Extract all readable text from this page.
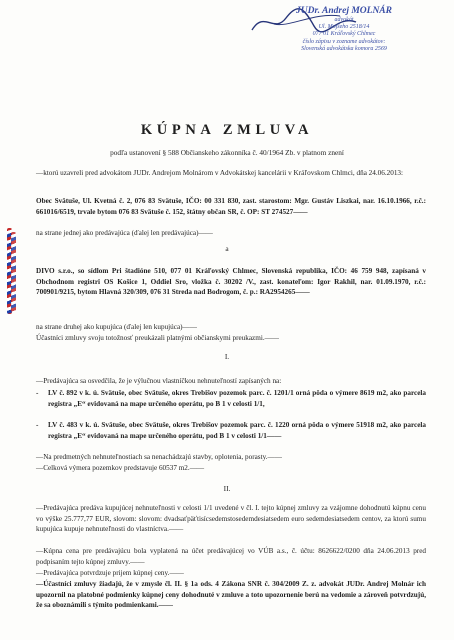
JUDr. Andrej MOLNÁR
advokát
Ul. Mojšeho 2518/14
077 01 Kráľovský Chlmec
číslo zápisu v zozname advokátov:
Slovenská advokátska komora 2569
KÚPNA ZMLUVA
podľa ustanovení § 588 Občianskeho zákonníka č. 40/1964 Zb. v platnom znení
—ktorú uzavreli pred advokátom JUDr. Andrejom Molnárom v Advokátskej kancelárii v Kráľovskom Chlmci, dňa 24.06.2013:
Obec Svätuše, Ul. Kvetná č. 2, 076 83 Svätuše, IČO: 00 331 830, zast. starostom: Mgr. Gustáv Liszkai, nar. 16.10.1966, r.č.: 661016/6519, trvale bytom 076 83 Svätuše č. 152, štátny občan SR, č. OP: ST 274527——
na strane jednej ako predávajúca (ďalej len predávajúca)——
a
DIVO s.r.o., so sídlom Pri štadióne 510, 077 01 Kráľovský Chlmec, Slovenská republika, IČO: 46 759 948, zapísaná v Obchodnom registri OS Košice 1, Oddiel Sro, vložka č. 30202 /V., zast. konateľom: Igor Rakhil, nar. 01.09.1970, r.č.: 700901/9215, bytom Hlavná 320/309, 076 31 Streda nad Bodrogom, č. p.: RA2954265——
na strane druhej ako kupujúca (ďalej len kupujúca)——
Účastníci zmluvy svoju totožnosť preukázali platnými občianskymi preukazmi.——
I.
—Predávajúca sa osvedčila, že je výlučnou vlastníčkou nehnuteľností zapísaných na:
- LV č. 892 v k. ú. Svätuše, obec Svätuše, okres Trebišov pozemok parc. č. 1201/1 orná pôda o výmere 8619 m2, ako parcela registra „E“ evidovaná na mape určeného operátu, po B 1 v celosti 1/1,
- LV č. 483 v k. ú. Svätuše, obec Svätuše, okres Trebišov pozemok parc. č. 1220 orná pôda o výmere 51918 m2, ako parcela registra „E“ evidovaná na mape určeného operátu, pod B 1 v celosti 1/1——
—Na predmetných nehnuteľnostiach sa nenachádzajú stavby, oplotenia, porasty.——
—Celková výmera pozemkov predstavuje 60537 m2.——
II.
—Predávajúca predáva kupujúcej nehnuteľnosti v celosti 1/1 uvedené v čl. I. tejto kúpnej zmluvy za vzájomne dohodnutú kúpnu cenu vo výške 25.777,77 EUR, slovom: slovom: dvadsaťpäťtisícsedemstosedemdesiatsedem euro sedemdesiatsedem centov, za ktorú sumu kupujúca kupuje nehnuteľnosti do vlastníctva.——
—Kúpna cena pre predávajúcu bola vyplatená na účet predávajúcej vo VÚB a.s., č. účtu: 8626622/0200 dňa 24.06.2013 pred podpisaním tejto kúpnej zmluvy.——
—Predávajúca potvrdzuje prijem kúpnej ceny.——
—Účastníci zmluvy žiadajú, že v zmysle čl. II. § 1a ods. 4 Zákona SNR č. 304/2009 Z. z. advokát JUDr. Andrej Molnár ich upozornil na platobné podmienky kúpnej ceny dohodnuté v zmluve a toto upozornenie berú na vedomie a zároveň potvrdzujú, že sa oboznámili s týmito podmienkami.——
